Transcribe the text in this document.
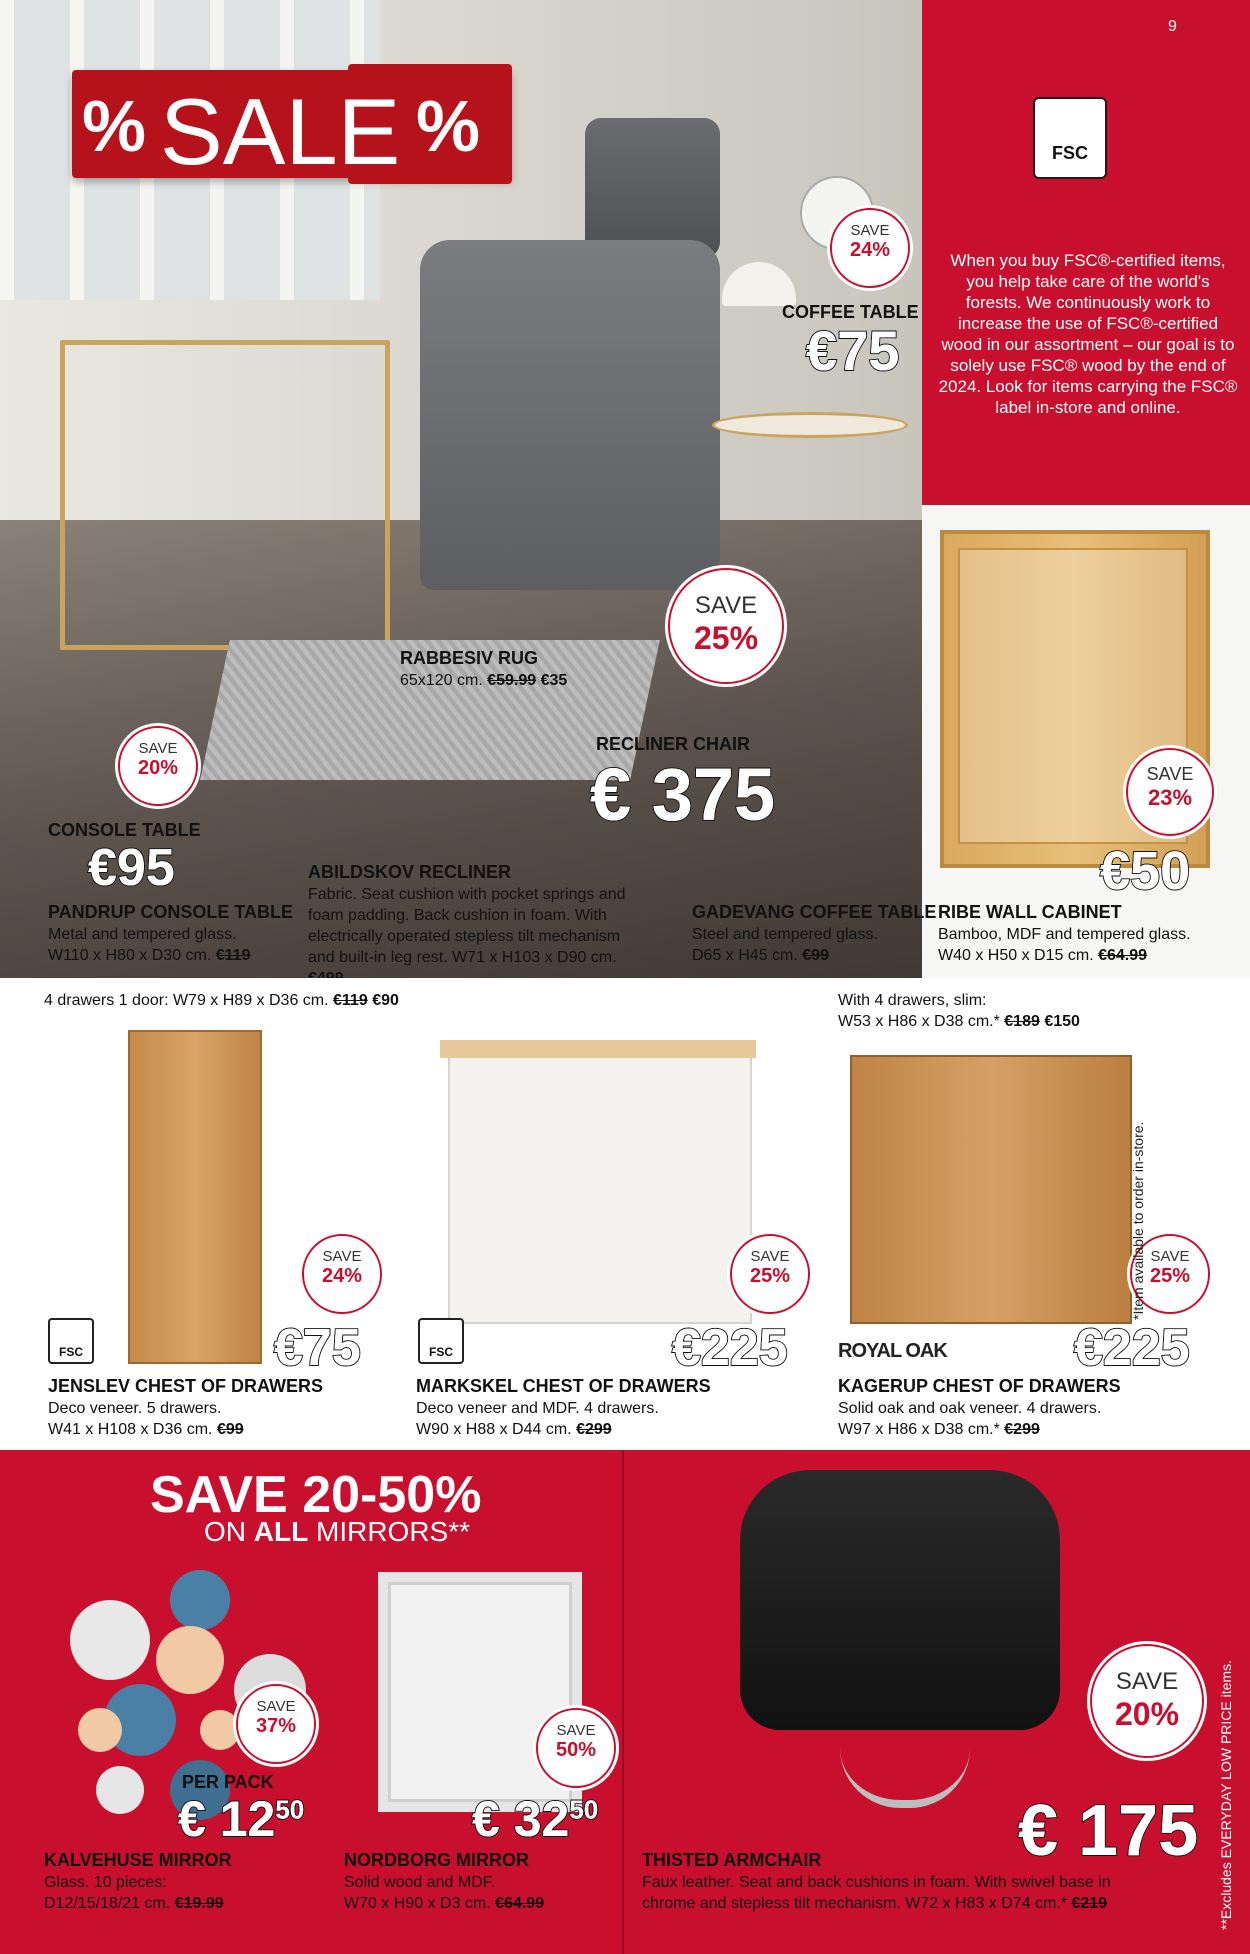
% SALE %
9
FSC
When you buy FSC®-certified items, you help take care of the world's forests. We continuously work to increase the use of FSC®-certified wood in our assortment – our goal is to solely use FSC® wood by the end of 2024. Look for items carrying the FSC® label in-store and online.
SAVE
24%
COFFEE TABLE
€75
GADEVANG COFFEE TABLE
Steel and tempered glass.
D65 x H45 cm. €99
SAVE
25%
RABBESIV RUG
65x120 cm. €59.99 €35
SAVE
20%
CONSOLE TABLE
€95
PANDRUP CONSOLE TABLE
Metal and tempered glass.
W110 x H80 x D30 cm. €119
RECLINER CHAIR
€ 375
ABILDSKOV RECLINER
Fabric. Seat cushion with pocket springs and foam padding. Back cushion in foam. With electrically operated stepless tilt mechanism and built-in leg rest. W71 x H103 x D90 cm.
SAVE
23%
€50
RIBE WALL CABINET
Bamboo, MDF and tempered glass.
W40 x H50 x D15 cm. €64.99
4 drawers 1 door: W79 x H89 x D36 cm. €119 €90
SAVE
24%
FSC	€75
JENSLEV CHEST OF DRAWERS
Deco veneer. 5 drawers.
W41 x H108 x D36 cm. €99
SAVE
25%
FSC	€225
MARKSKEL CHEST OF DRAWERS
Deco veneer and MDF. 4 drawers.
W90 x H88 x D44 cm. €299
With 4 drawers, slim:
W53 x H86 x D38 cm.* €189 €150
SAVE
25%
ROYAL OAK €225
KAGERUP CHEST OF DRAWERS
Solid oak and oak veneer. 4 drawers.
W97 x H86 x D38 cm.* €299
*Item available to order in-store.
SAVE 20-50%
ON ALL MIRRORS**
SAVE
37%
PER PACK
€ $12^{50}$
KALVEHUSE MIRROR
Glass. 10 pieces:
D12/15/18/21 cm. €19.99
SAVE
50%
€ $32^{50}$
NORDBORG MIRROR
Solid wood and MDF.
W70 x H90 x D3 cm. €64.99
SAVE
20%
€ 175
THISTED ARMCHAIR
Faux leather. Seat and back cushions in foam. With swivel base in
chrome and stepless tilt mechanism. W72 x H83 x D74 cm.* €219	**Excludes EVERYDAY LOW PRICE items.
